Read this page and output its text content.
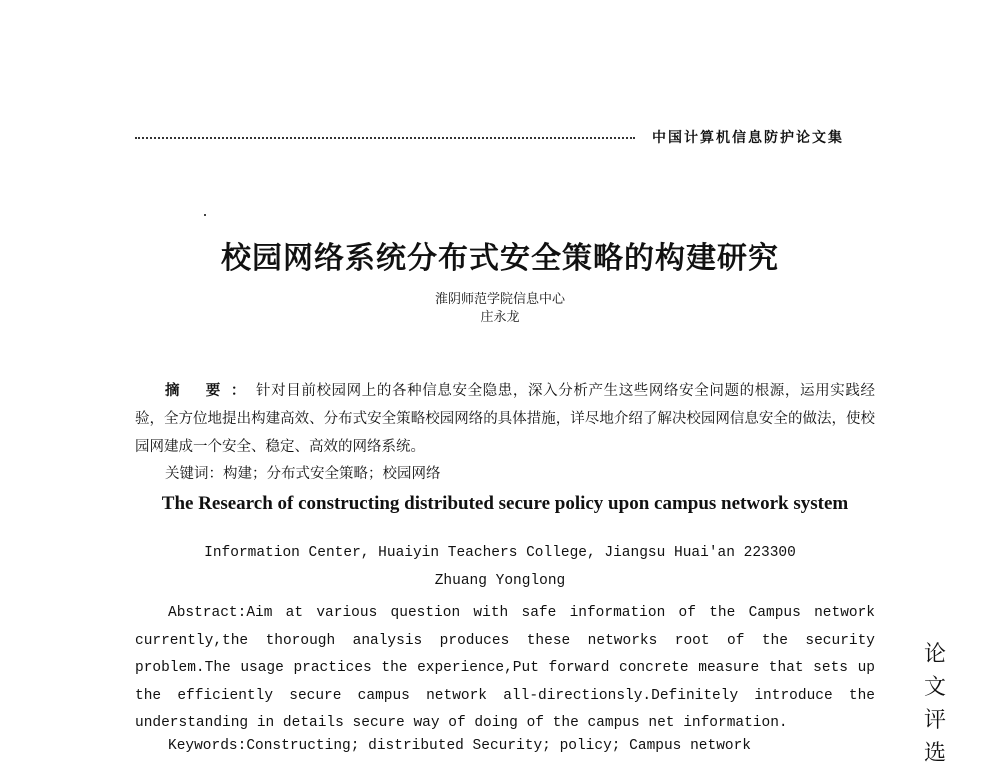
中国计算机信息防护论文集
校园网络系统分布式安全策略的构建研究
淮阴师范学院信息中心
庄永龙
摘 要：针对目前校园网上的各种信息安全隐患，深入分析产生这些网络安全问题的根源，运用实践经验，全方位地提出构建高效、分布式安全策略校园网络的具体措施，详尽地介绍了解决校园网信息安全的做法，使校园网建成一个安全、稳定、高效的网络系统。
关键词：构建；分布式安全策略；校园网络
The Research of constructing distributed secure policy upon campus network system
Information Center, Huaiyin Teachers College, Jiangsu Huai'an 223300
Zhuang Yonglong
Abstract:Aim at various question with safe information of the Campus network currently,the thorough analysis produces these networks root of the security problem.The usage practices the experience,Put forward concrete measure that sets up the efficiently secure campus network all-directionsly.Definitely introduce the understanding in details secure way of doing of the campus net information.
Keywords:Constructing; distributed Security; policy; Campus network
论
文
评
选
